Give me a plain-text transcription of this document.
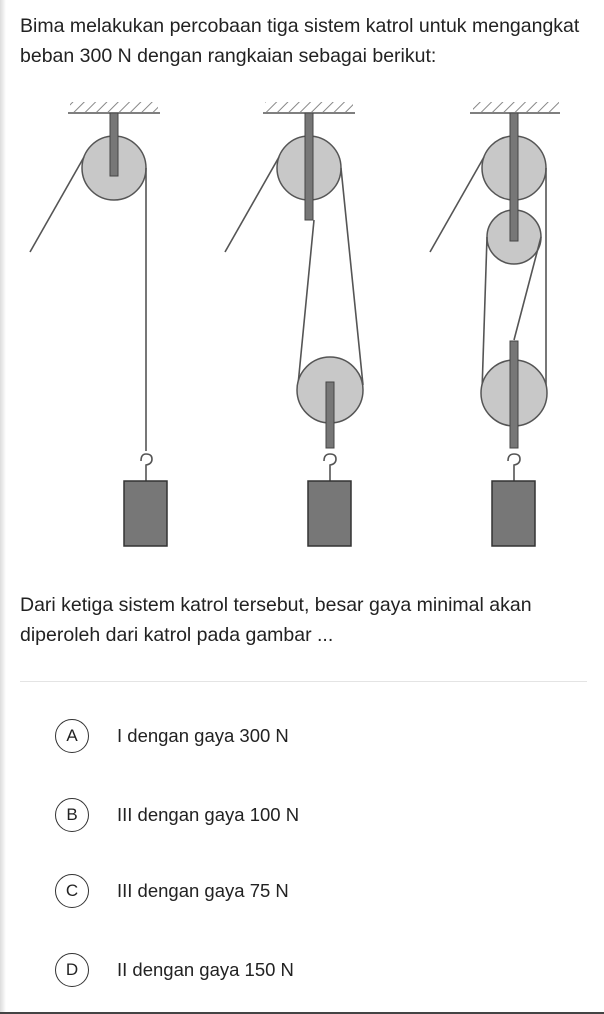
Bima melakukan percobaan tiga sistem katrol untuk mengangkat beban 300 N dengan rangkaian sebagai berikut:

Dari ketiga sistem katrol tersebut, besar gaya minimal akan diperoleh dari katrol pada gambar ...

A	I dengan gaya 300 N
B	III dengan gaya 100 N
C	III dengan gaya 75 N
D	II dengan gaya 150 N
